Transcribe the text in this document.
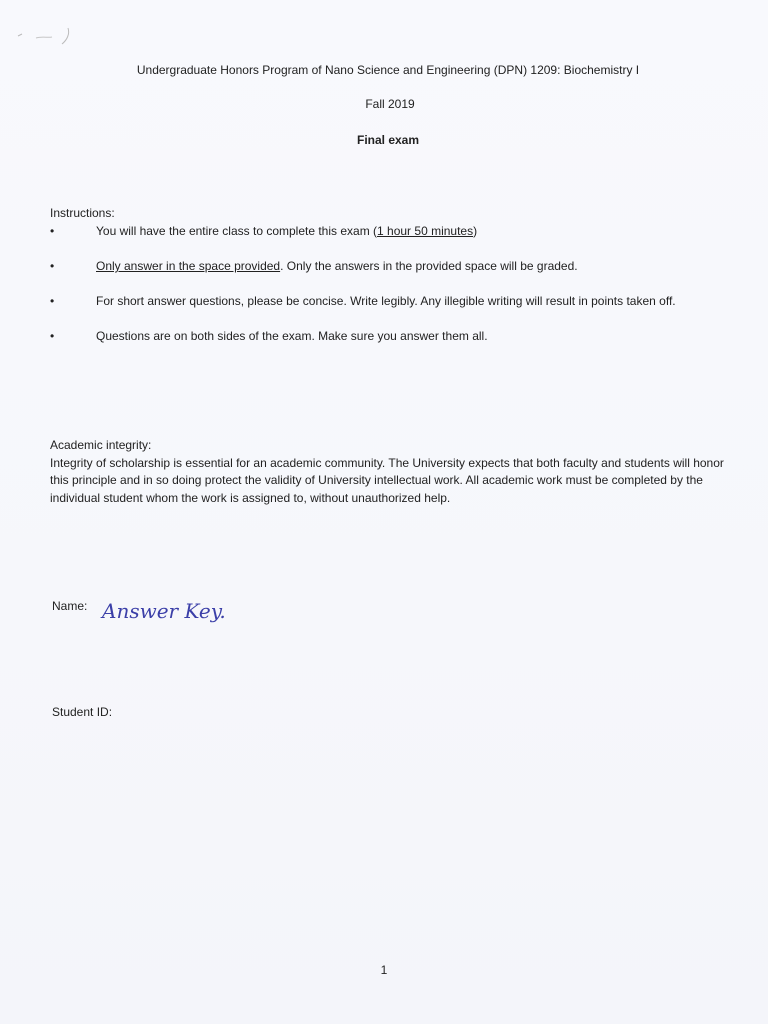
Undergraduate Honors Program of Nano Science and Engineering (DPN) 1209: Biochemistry I
Fall 2019
Final exam
Instructions:
•	You will have the entire class to complete this exam (1 hour 50 minutes)
•	Only answer in the space provided. Only the answers in the provided space will be graded.
•	For short answer questions, please be concise. Write legibly. Any illegible writing will result in points taken off.
•	Questions are on both sides of the exam. Make sure you answer them all.

Academic integrity:

Integrity of scholarship is essential for an academic community. The University expects that both faculty and students will honor this principle and in so doing protect the validity of University intellectual work. All academic work must be completed by the individual student whom the work is assigned to, without unauthorized help.

Name: Answer Key.
Student ID:
1
